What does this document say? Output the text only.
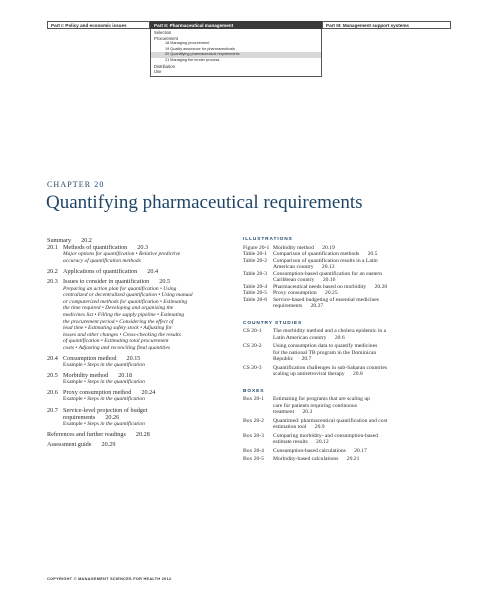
Part I: Policy and economic issues	Part II: Pharmaceutical management	Part III: Management support systems
Selection
Procurement
18 Managing procurement
19 Quality assurance for pharmaceuticals
20 Quantifying pharmaceutical requirements
21 Managing the tender process
Distribution
Use
CHAPTER 20
Quantifying pharmaceutical requirements
Summary 20.2
20.1 Methods of quantification 20.3
Major options for quantification • Relative predictive
accuracy of quantification methods
20.2 Applications of quantification 20.4
20.3 Issues to consider in quantification 20.5
Preparing an action plan for quantification • Using
centralized or decentralized quantification • Using manual
or computerized methods for quantification • Estimating
the time required • Developing and organizing the
medicines list • Filling the supply pipeline • Estimating
the procurement period • Considering the effect of
lead time • Estimating safety stock • Adjusting for
losses and other changes • Cross-checking the results
of quantification • Estimating total procurement
costs • Adjusting and reconciling final quantities
20.4 Consumption method 20.15
Example • Steps in the quantification
20.5 Morbidity method 20.18
Example • Steps in the quantification
20.6 Proxy consumption method 20.24
Example • Steps in the quantification
20.7 Service-level projection of budget
requirements 20.26
Example • Steps in the quantification
References and further readings 20.28
Assessment guide 20.29
ILLUSTRATIONS
Figure 20-1 Morbidity method   20.19
Table 20-1	Comparison of quantification methods   20.5
Table 20-2	Comparison of quantification results in a Latin
American country   20.13
Table 20-3	Consumption-based quantification for an eastern
Caribbean country   20.16
Table 20-4	Pharmaceutical needs based on morbidity   20.20
Table 20-5	Proxy consumption   20.25
Table 20-6	Service-based budgeting of essential medicines
requirements   20.27
COUNTRY STUDIES
CS 20-1	The morbidity method and a cholera epidemic in a
Latin American country   20.6
CS 20-2	Using consumption data to quantify medicines
for the national TB program in the Dominican
Republic   20.7
CS 20-3	Quantification challenges in sub-Saharan countries
scaling up antiretroviral therapy   20.8
BOXES
Box 20-1	Estimating for programs that are scaling up
care for patients requiring continuous
treatment   20.3
Box 20-2	Quantimed: pharmaceutical quantification and cost
estimation tool   20.9
Box 20-3	Comparing morbidity- and consumption-based
estimate results   20.12
Box 20-4	Consumption-based calculations   20.17
Box 20-5	Morbidity-based calculations   20.21
COPYRIGHT © MANAGEMENT SCIENCES FOR HEALTH 2012
